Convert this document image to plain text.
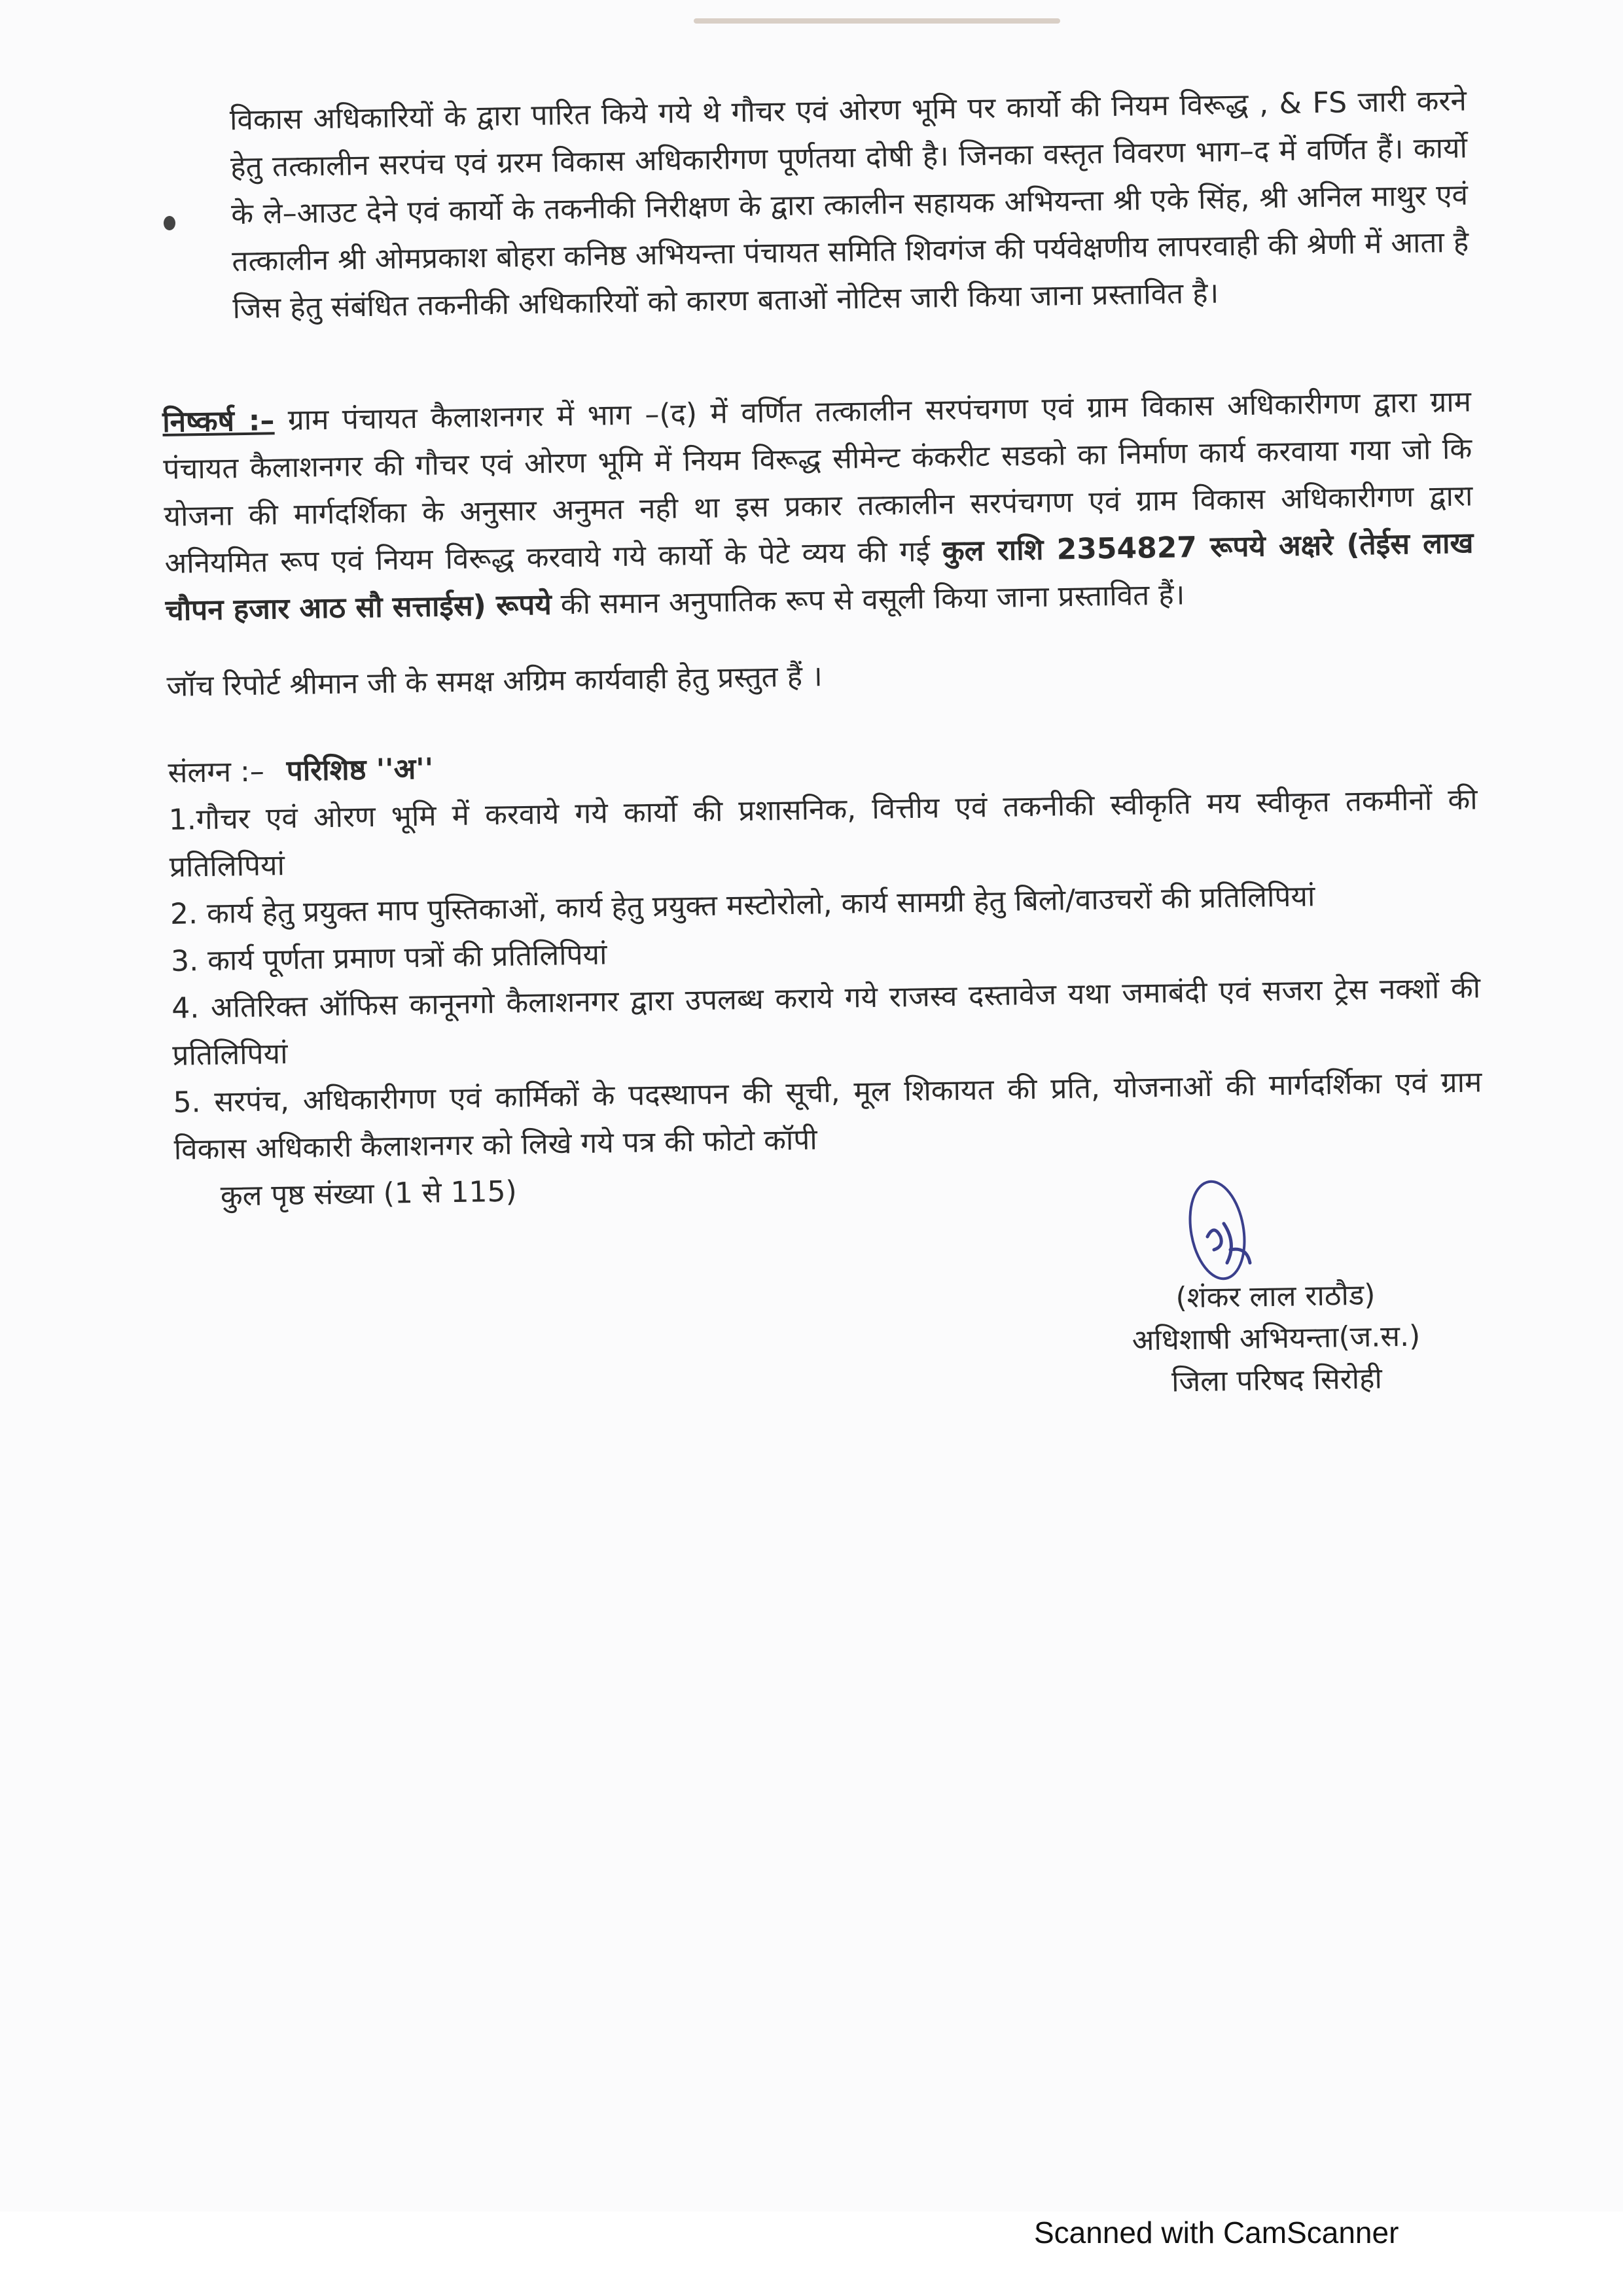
विकास अधिकारियों के द्वारा पारित किये गये थे गौचर एवं ओरण भूमि पर कार्यो की नियम विरूद्ध , & FS जारी करने हेतु तत्कालीन सरपंच एवं ग्ररम विकास अधिकारीगण पूर्णतया दोषी है। जिनका वस्तृत विवरण भाग–द में वर्णित हैं। कार्यो के ले–आउट देने एवं कार्यो के तकनीकी निरीक्षण के द्वारा त्कालीन सहायक अभियन्ता श्री एके सिंह, श्री अनिल माथुर एवं तत्कालीन श्री ओमप्रकाश बोहरा कनिष्ठ अभियन्ता पंचायत समिति शिवगंज की पर्यवेक्षणीय लापरवाही की श्रेणी में आता है जिस हेतु संबंधित तकनीकी अधिकारियों को कारण बताओं नोटिस जारी किया जाना प्रस्तावित है।

निष्कर्ष :– ग्राम पंचायत कैलाशनगर में भाग –(द) में वर्णित तत्कालीन सरपंचगण एवं ग्राम विकास अधिकारीगण द्वारा ग्राम पंचायत कैलाशनगर की गौचर एवं ओरण भूमि में नियम विरूद्ध सीमेन्ट कंकरीट सडको का निर्माण कार्य करवाया गया जो कि योजना की मार्गदर्शिका के अनुसार अनुमत नही था इस प्रकार तत्कालीन सरपंचगण एवं ग्राम विकास अधिकारीगण द्वारा अनियमित रूप एवं नियम विरूद्ध करवाये गये कार्यो के पेटे व्यय की गई कुल राशि 2354827 रूपये अक्षरे (तेईस लाख चौपन हजार आठ सौ सत्ताईस) रूपये की समान अनुपातिक रूप से वसूली किया जाना प्रस्तावित हैं।

जॉच रिपोर्ट श्रीमान जी के समक्ष अग्रिम कार्यवाही हेतु प्रस्तुत हैं ।

संलग्न :– परिशिष्ठ ''अ''
1.गौचर एवं ओरण भूमि में करवाये गये कार्यो की प्रशासनिक, वित्तीय एवं तकनीकी स्वीकृति मय स्वीकृत तकमीनों की प्रतिलिपियां
2. कार्य हेतु प्रयुक्त माप पुस्तिकाओं, कार्य हेतु प्रयुक्त मस्टोरोलो, कार्य सामग्री हेतु बिलो/वाउचरों की प्रतिलिपियां
3. कार्य पूर्णता प्रमाण पत्रों की प्रतिलिपियां
4. अतिरिक्त ऑफिस कानूनगो कैलाशनगर द्वारा उपलब्ध कराये गये राजस्व दस्तावेज यथा जमाबंदी एवं सजरा ट्रेस नक्शों की प्रतिलिपियां
5. सरपंच, अधिकारीगण एवं कार्मिकों के पदस्थापन की सूची, मूल शिकायत की प्रति, योजनाओं की मार्गदर्शिका एवं ग्राम विकास अधिकारी कैलाशनगर को लिखे गये पत्र की फोटो कॉपी
कुल पृष्ठ संख्या (1 से 115)
(शंकर लाल राठौड)
अधिशाषी अभियन्ता(ज.स.)
जिला परिषद सिरोही
Scanned with CamScanner
